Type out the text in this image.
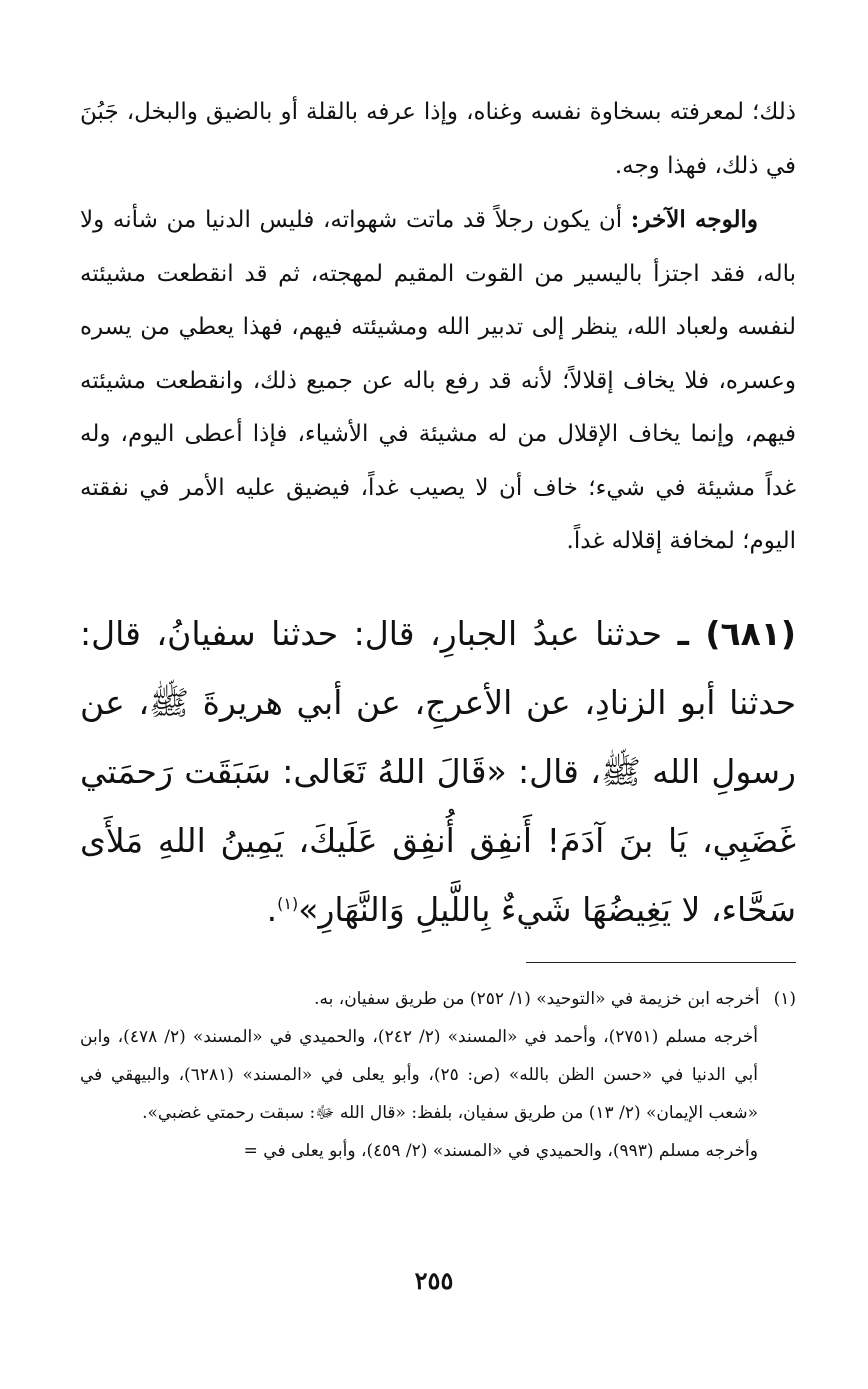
ذلك؛ لمعرفته بسخاوة نفسه وغناه، وإذا عرفه بالقلة أو بالضيق والبخل، جَبُنَ في ذلك، فهذا وجه.

والوجه الآخر: أن يكون رجلاً قد ماتت شهواته، فليس الدنيا من شأنه ولا باله، فقد اجتزأ باليسير من القوت المقيم لمهجته، ثم قد انقطعت مشيئته لنفسه ولعباد الله، ينظر إلى تدبير الله ومشيئته فيهم، فهذا يعطي من يسره وعسره، فلا يخاف إقلالاً؛ لأنه قد رفع باله عن جميع ذلك، وانقطعت مشيئته فيهم، وإنما يخاف الإقلال من له مشيئة في الأشياء، فإذا أعطى اليوم، وله غداً مشيئة في شيء؛ خاف أن لا يصيب غداً، فيضيق عليه الأمر في نفقته اليوم؛ لمخافة إقلاله غداً.

(٦٨١) ـ حدثنا عبدُ الجبارِ، قال: حدثنا سفيانُ، قال: حدثنا أبو الزنادِ، عن الأعرجِ، عن أبي هريرةَ ﷺ، عن رسولِ الله ﷺ، قال: «قَالَ اللهُ تَعَالى: سَبَقَت رَحمَتي غَضَبِي، يَا بنَ آدَمَ! أَنفِق أُنفِق عَلَيكَ، يَمِينُ اللهِ مَلأَى سَحَّاء، لا يَغِيضُهَا شَيءٌ بِاللَّيلِ وَالنَّهَارِ»$^{(١)}$.

(١)أخرجه ابن خزيمة في «التوحيد» (١/ ٢٥٢) من طريق سفيان، به.

أخرجه مسلم (٢٧٥١)، وأحمد في «المسند» (٢/ ٢٤٢)، والحميدي في «المسند» (٢/ ٤٧٨)، وابن أبي الدنيا في «حسن الظن بالله» (ص: ٢٥)، وأبو يعلى في «المسند» (٦٢٨١)، والبيهقي في «شعب الإيمان» (٢/ ١٣) من طريق سفيان، بلفظ: «قال الله ﷻ: سبقت رحمتي غضبي».

وأخرجه مسلم (٩٩٣)، والحميدي في «المسند» (٢/ ٤٥٩)، وأبو يعلى في =

٢٥٥
